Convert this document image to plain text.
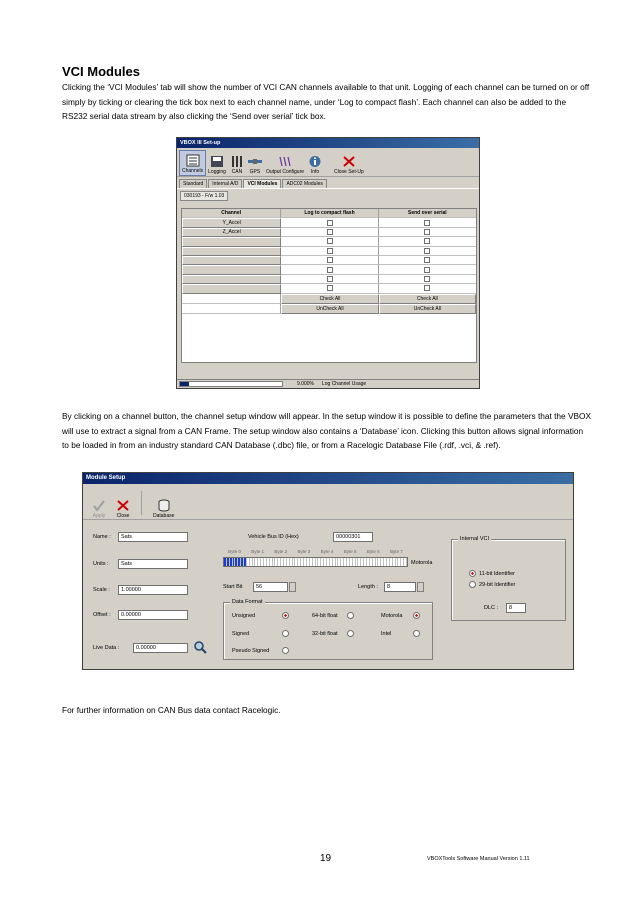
VCI Modules

Clicking the ‘VCI Modules’ tab will show the number of VCI CAN channels available to that unit. Logging of each channel can be turned on or off simply by ticking or clearing the tick box next to each channel name, under ‘Log to compact flash’. Each channel can also be added to the RS232 serial data stream by also clicking the ‘Send over serial’ tick box.

VBOX III Set-up
Channels Logging CAN GPS Output Configure Info	Close Set-Up
Standard	Internal A/D	VCI Modules	ADC02 Modules
030193 - F/w 1.03
Channel	Log to compact flash	Send over serial
Y_Accel
Z_Accel
Check All	Check All
UnCheck All	UnCheck All
9.000% Log Channel Usage

By clicking on a channel button, the channel setup window will appear. In the setup window it is possible to define the parameters that the VBOX will use to extract a signal from a CAN Frame. The setup window also contains a ‘Database’ icon. Clicking this button allows signal information to be loaded in from an industry standard CAN Database (.dbc) file, or from a Racelogic Database File (.rdf, .vci, & .ref).

Module Setup
Apply Close	Database
Name :	Sats
Units :	Sats
Scale :	1.00000
Offset :	0.00000
Live Data :	0.00000
Vehicle Bus ID (Hex)	00000301
Byte 0	Byte 1	Byte 2	Byte 3	Byte 4	Byte 5	Byte 6	Byte 7
Motorola
Start Bit	56	Length :	8
Data Format
Unsigned	64-bit float	Motorola
Signed	32-bit float	Intel
Pseudo Signed
Internal VCI
11-bit Identifier
29-bit Identifier
DLC :	8

For further information on CAN Bus data contact Racelogic.

19	VBOXTools Software Manual Version 1.11
